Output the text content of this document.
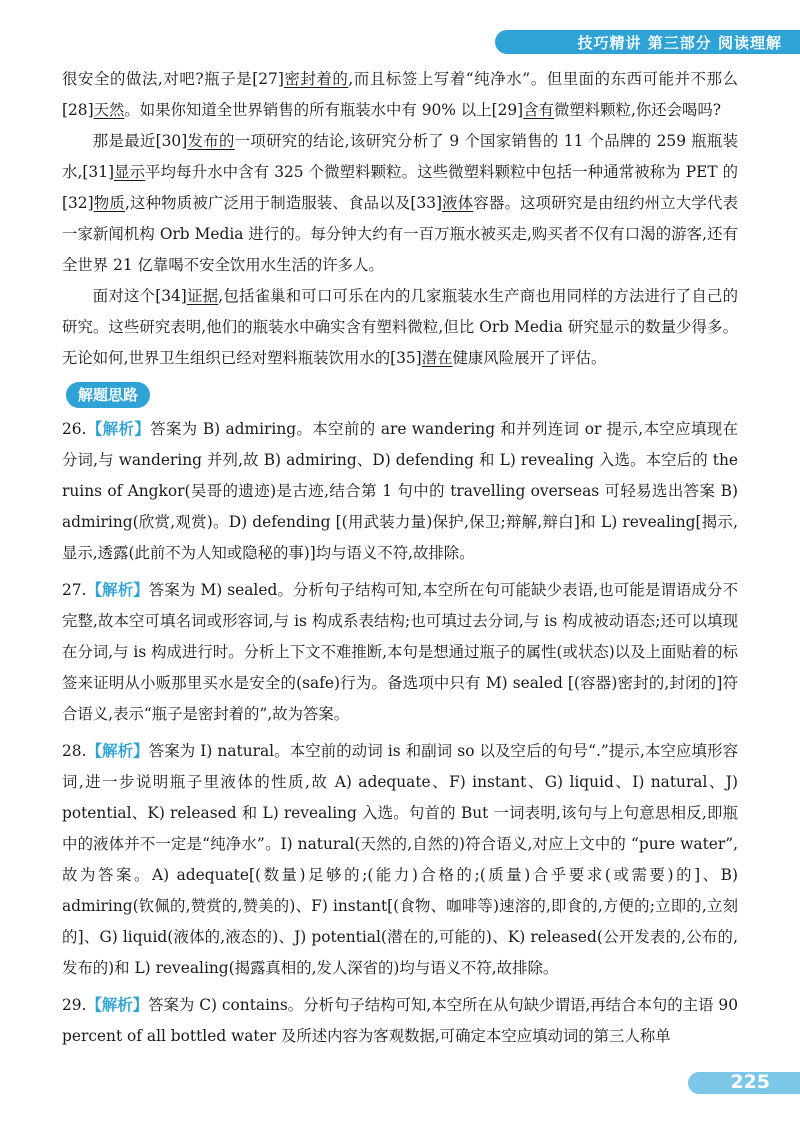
技巧精讲 第三部分 阅读理解

很安全的做法,对吧?瓶子是[27]密封着的,而且标签上写着“纯净水”。但里面的东西可能并不那么[28]天然。如果你知道全世界销售的所有瓶装水中有 90% 以上[29]含有微塑料颗粒,你还会喝吗?

那是最近[30]发布的一项研究的结论,该研究分析了 9 个国家销售的 11 个品牌的 259 瓶瓶装水,[31]显示平均每升水中含有 325 个微塑料颗粒。这些微塑料颗粒中包括一种通常被称为 PET 的[32]物质,这种物质被广泛用于制造服装、食品以及[33]液体容器。这项研究是由纽约州立大学代表一家新闻机构 Orb Media 进行的。每分钟大约有一百万瓶水被买走,购买者不仅有口渴的游客,还有全世界 21 亿靠喝不安全饮用水生活的许多人。

面对这个[34]证据,包括雀巢和可口可乐在内的几家瓶装水生产商也用同样的方法进行了自己的研究。这些研究表明,他们的瓶装水中确实含有塑料微粒,但比 Orb Media 研究显示的数量少得多。无论如何,世界卫生组织已经对塑料瓶装饮用水的[35]潜在健康风险展开了评估。

解题思路

26.【解析】答案为 B) admiring。本空前的 are wandering 和并列连词 or 提示,本空应填现在分词,与 wandering 并列,故 B) admiring、D) defending 和 L) revealing 入选。本空后的 the ruins of Angkor(吴哥的遗迹)是古迹,结合第 1 句中的 travelling overseas 可轻易选出答案 B) admiring(欣赏,观赏)。D) defending [(用武装力量)保护,保卫;辩解,辩白]和 L) revealing[揭示,显示,透露(此前不为人知或隐秘的事)]均与语义不符,故排除。

27.【解析】答案为 M) sealed。分析句子结构可知,本空所在句可能缺少表语,也可能是谓语成分不完整,故本空可填名词或形容词,与 is 构成系表结构;也可填过去分词,与 is 构成被动语态;还可以填现在分词,与 is 构成进行时。分析上下文不难推断,本句是想通过瓶子的属性(或状态)以及上面贴着的标签来证明从小贩那里买水是安全的(safe)行为。备选项中只有 M) sealed [(容器)密封的,封闭的]符合语义,表示“瓶子是密封着的”,故为答案。

28.【解析】答案为 I) natural。本空前的动词 is 和副词 so 以及空后的句号“.”提示,本空应填形容词,进一步说明瓶子里液体的性质,故 A) adequate、F) instant、G) liquid、I) natural、J) potential、K) released 和 L) revealing 入选。句首的 But 一词表明,该句与上句意思相反,即瓶中的液体并不一定是“纯净水”。I) natural(天然的,自然的)符合语义,对应上文中的 “pure water”,故为答案。A) adequate[(数量)足够的;(能力)合格的;(质量)合乎要求(或需要)的]、B) admiring(钦佩的,赞赏的,赞美的)、F) instant[(食物、咖啡等)速溶的,即食的,方便的;立即的,立刻的]、G) liquid(液体的,液态的)、J) potential(潜在的,可能的)、K) released(公开发表的,公布的,发布的)和 L) revealing(揭露真相的,发人深省的)均与语义不符,故排除。

29.【解析】答案为 C) contains。分析句子结构可知,本空所在从句缺少谓语,再结合本句的主语 90 percent of all bottled water 及所述内容为客观数据,可确定本空应填动词的第三人称单

225
